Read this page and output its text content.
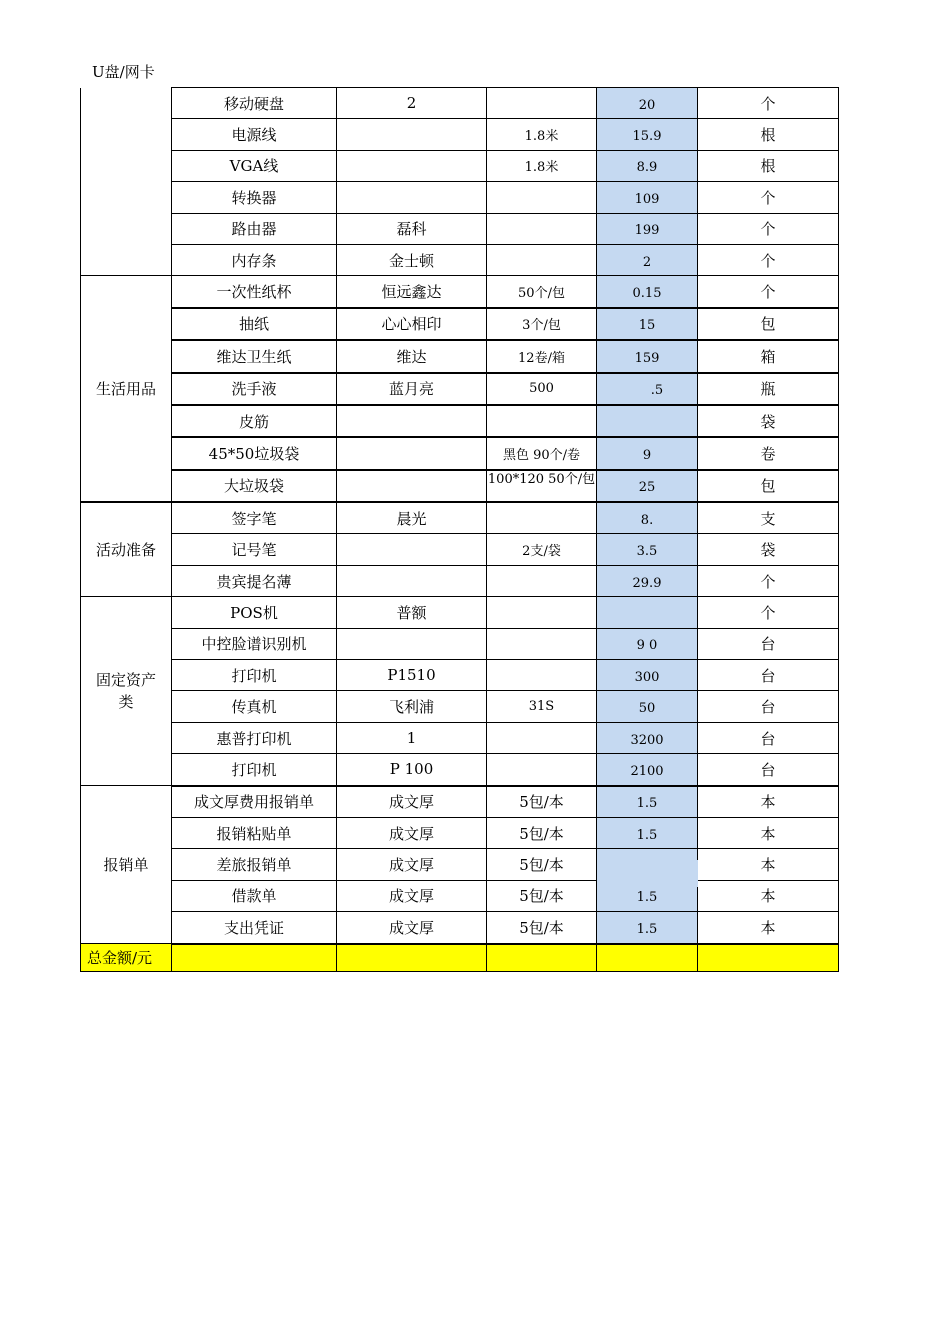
U盘/网卡
	移动硬盘	2		20	个
	电源线		1.8米	15.9	根
	VGA线		1.8米	8.9	根
	转换器			109	个
	路由器	磊科		199	个
	内存条	金士顿		2	个
生活用品	一次性纸杯	恒远鑫达	50个/包	0.15	个
	抽纸	心心相印	3个/包	15	包
	维达卫生纸	维达	12卷/箱	159	箱
	洗手液	蓝月亮	500	.5	瓶
	皮筋				袋
	45*50垃圾袋		黑色 90个/卷	9	卷
	大垃圾袋		100*120 50个/包	25	包
活动准备	签字笔	晨光		8.	支
	记号笔		2支/袋	3.5	袋
	贵宾提名薄			29.9	个
固定资产类	POS机	普额			个
	中控脸谱识别机			9 0	台
	打印机	P1510		300	台
	传真机	飞利浦	31S	50	台
	惠普打印机	1		3200	台
	打印机	P 100		2100	台
报销单	成文厚费用报销单	成文厚	5包/本	1.5	本
	报销粘贴单	成文厚	5包/本	1.5	本
	差旅报销单	成文厚	5包/本		本
	借款单	成文厚	5包/本	1.5	本
	支出凭证	成文厚	5包/本	1.5	本
总金额/元					
